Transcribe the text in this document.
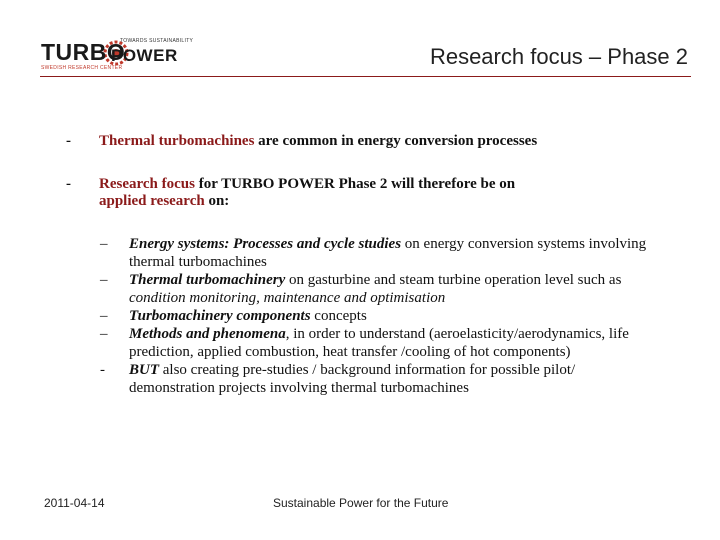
TURBO
TOWARDS SUSTAINABILITY
POWER
SWEDISH RESEARCH CENTER	Research focus – Phase 2
- Thermal turbomachines are common in energy conversion processes
- Research focus for TURBO POWER Phase 2 will therefore be on
applied research on:
– Energy systems: Processes and cycle studies on energy conversion systems involving thermal turbomachines
– Thermal turbomachinery on gasturbine and steam turbine operation level such as condition monitoring, maintenance and optimisation
– Turbomachinery components concepts
– Methods and phenomena, in order to understand (aeroelasticity/aerodynamics, life prediction, applied combustion, heat transfer /cooling of hot components)
- BUT also creating pre-studies / background information for possible pilot/ demonstration projects involving thermal turbomachines
2011-04-14	Sustainable Power for the Future
